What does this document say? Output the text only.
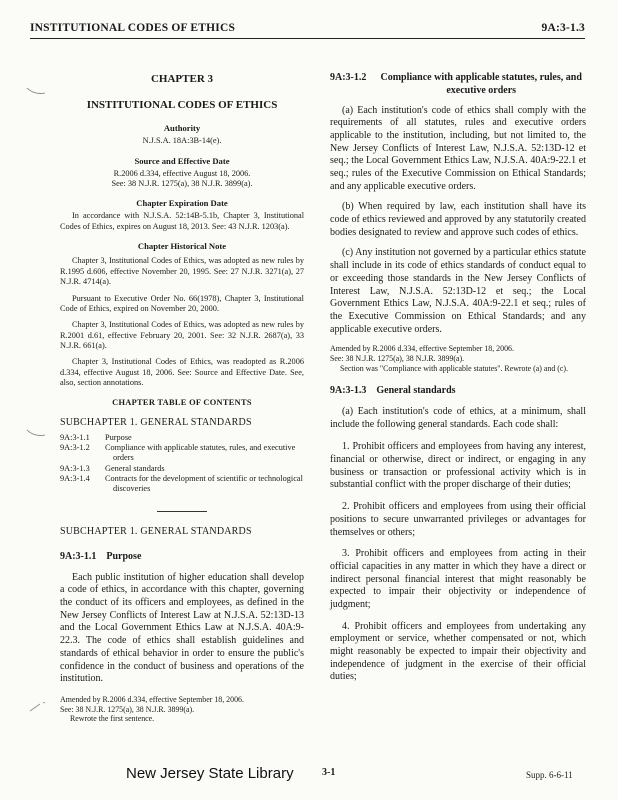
INSTITUTIONAL CODES OF ETHICS	9A:3-1.3
CHAPTER 3
INSTITUTIONAL CODES OF ETHICS
Authority
N.J.S.A. 18A:3B-14(e).
Source and Effective Date
R.2006 d.334, effective August 18, 2006.
See: 38 N.J.R. 1275(a), 38 N.J.R. 3899(a).
Chapter Expiration Date
In accordance with N.J.S.A. 52:14B-5.1b, Chapter 3, Institutional Codes of Ethics, expires on August 18, 2013. See: 43 N.J.R. 1203(a).
Chapter Historical Note

Chapter 3, Institutional Codes of Ethics, was adopted as new rules by R.1995 d.606, effective November 20, 1995. See: 27 N.J.R. 3271(a), 27 N.J.R. 4714(a).

Pursuant to Executive Order No. 66(1978), Chapter 3, Institutional Code of Ethics, expired on November 20, 2000.

Chapter 3, Institutional Codes of Ethics, was adopted as new rules by R.2001 d.61, effective February 20, 2001. See: 32 N.J.R. 2687(a), 33 N.J.R. 661(a).

Chapter 3, Institutional Codes of Ethics, was readopted as R.2006 d.334, effective August 18, 2006. See: Source and Effective Date. See, also, section annotations.

CHAPTER TABLE OF CONTENTS
SUBCHAPTER 1. GENERAL STANDARDS
9A:3-1.1	Purpose
9A:3-1.2	Compliance with applicable statutes, rules, and executive orders
9A:3-1.3	General standards
9A:3-1.4	Contracts for the development of scientific or technological discoveries
SUBCHAPTER 1. GENERAL STANDARDS
9A:3-1.1 Purpose
Each public institution of higher education shall develop a code of ethics, in accordance with this chapter, governing the conduct of its officers and employees, as defined in the New Jersey Conflicts of Interest Law at N.J.S.A. 52:13D-13 and the Local Government Ethics Law at N.J.S.A. 40A:9-22.3. The code of ethics shall establish guidelines and standards of ethical behavior in order to ensure the public's confidence in the conduct of business and operations of the institution.
Amended by R.2006 d.334, effective September 18, 2006.
See: 38 N.J.R. 1275(a), 38 N.J.R. 3899(a).

Rewrote the first sentence.
9A:3-1.2	Compliance with applicable statutes, rules, and executive orders
(a) Each institution's code of ethics shall comply with the requirements of all statutes, rules and executive orders applicable to the institution, including, but not limited to, the New Jersey Conflicts of Interest Law, N.J.S.A. 52:13D-12 et seq.; the Local Government Ethics Law, N.J.S.A. 40A:9-22.1 et seq.; rules of the Executive Commission on Ethical Standards; and any applicable executive orders.
(b) When required by law, each institution shall have its code of ethics reviewed and approved by any statutorily created bodies designated to review and approve such codes of ethics.
(c) Any institution not governed by a particular ethics statute shall include in its code of ethics standards of conduct equal to or exceeding those standards in the New Jersey Conflicts of Interest Law, N.J.S.A. 52:13D-12 et seq.; the Local Government Ethics Law, N.J.S.A. 40A:9-22.1 et seq.; rules of the Executive Commission on Ethical Standards; and any applicable executive orders.
Amended by R.2006 d.334, effective September 18, 2006.
See: 38 N.J.R. 1275(a), 38 N.J.R. 3899(a).

Section was "Compliance with applicable statutes". Rewrote (a) and (c).
9A:3-1.3 General standards
(a) Each institution's code of ethics, at a minimum, shall include the following general standards. Each code shall:
1. Prohibit officers and employees from having any interest, financial or otherwise, direct or indirect, or engaging in any business or transaction or professional activity which is in substantial conflict with the proper discharge of their duties;
2. Prohibit officers and employees from using their official positions to secure unwarranted privileges or advantages for themselves or others;
3. Prohibit officers and employees from acting in their official capacities in any matter in which they have a direct or indirect personal financial interest that might reasonably be expected to impair their objectivity or independence of judgment;
4. Prohibit officers and employees from undertaking any employment or service, whether compensated or not, which might reasonably be expected to impair their objectivity and independence of judgment in the exercise of their official duties;
New Jersey State Library	3-1	Supp. 6-6-11
